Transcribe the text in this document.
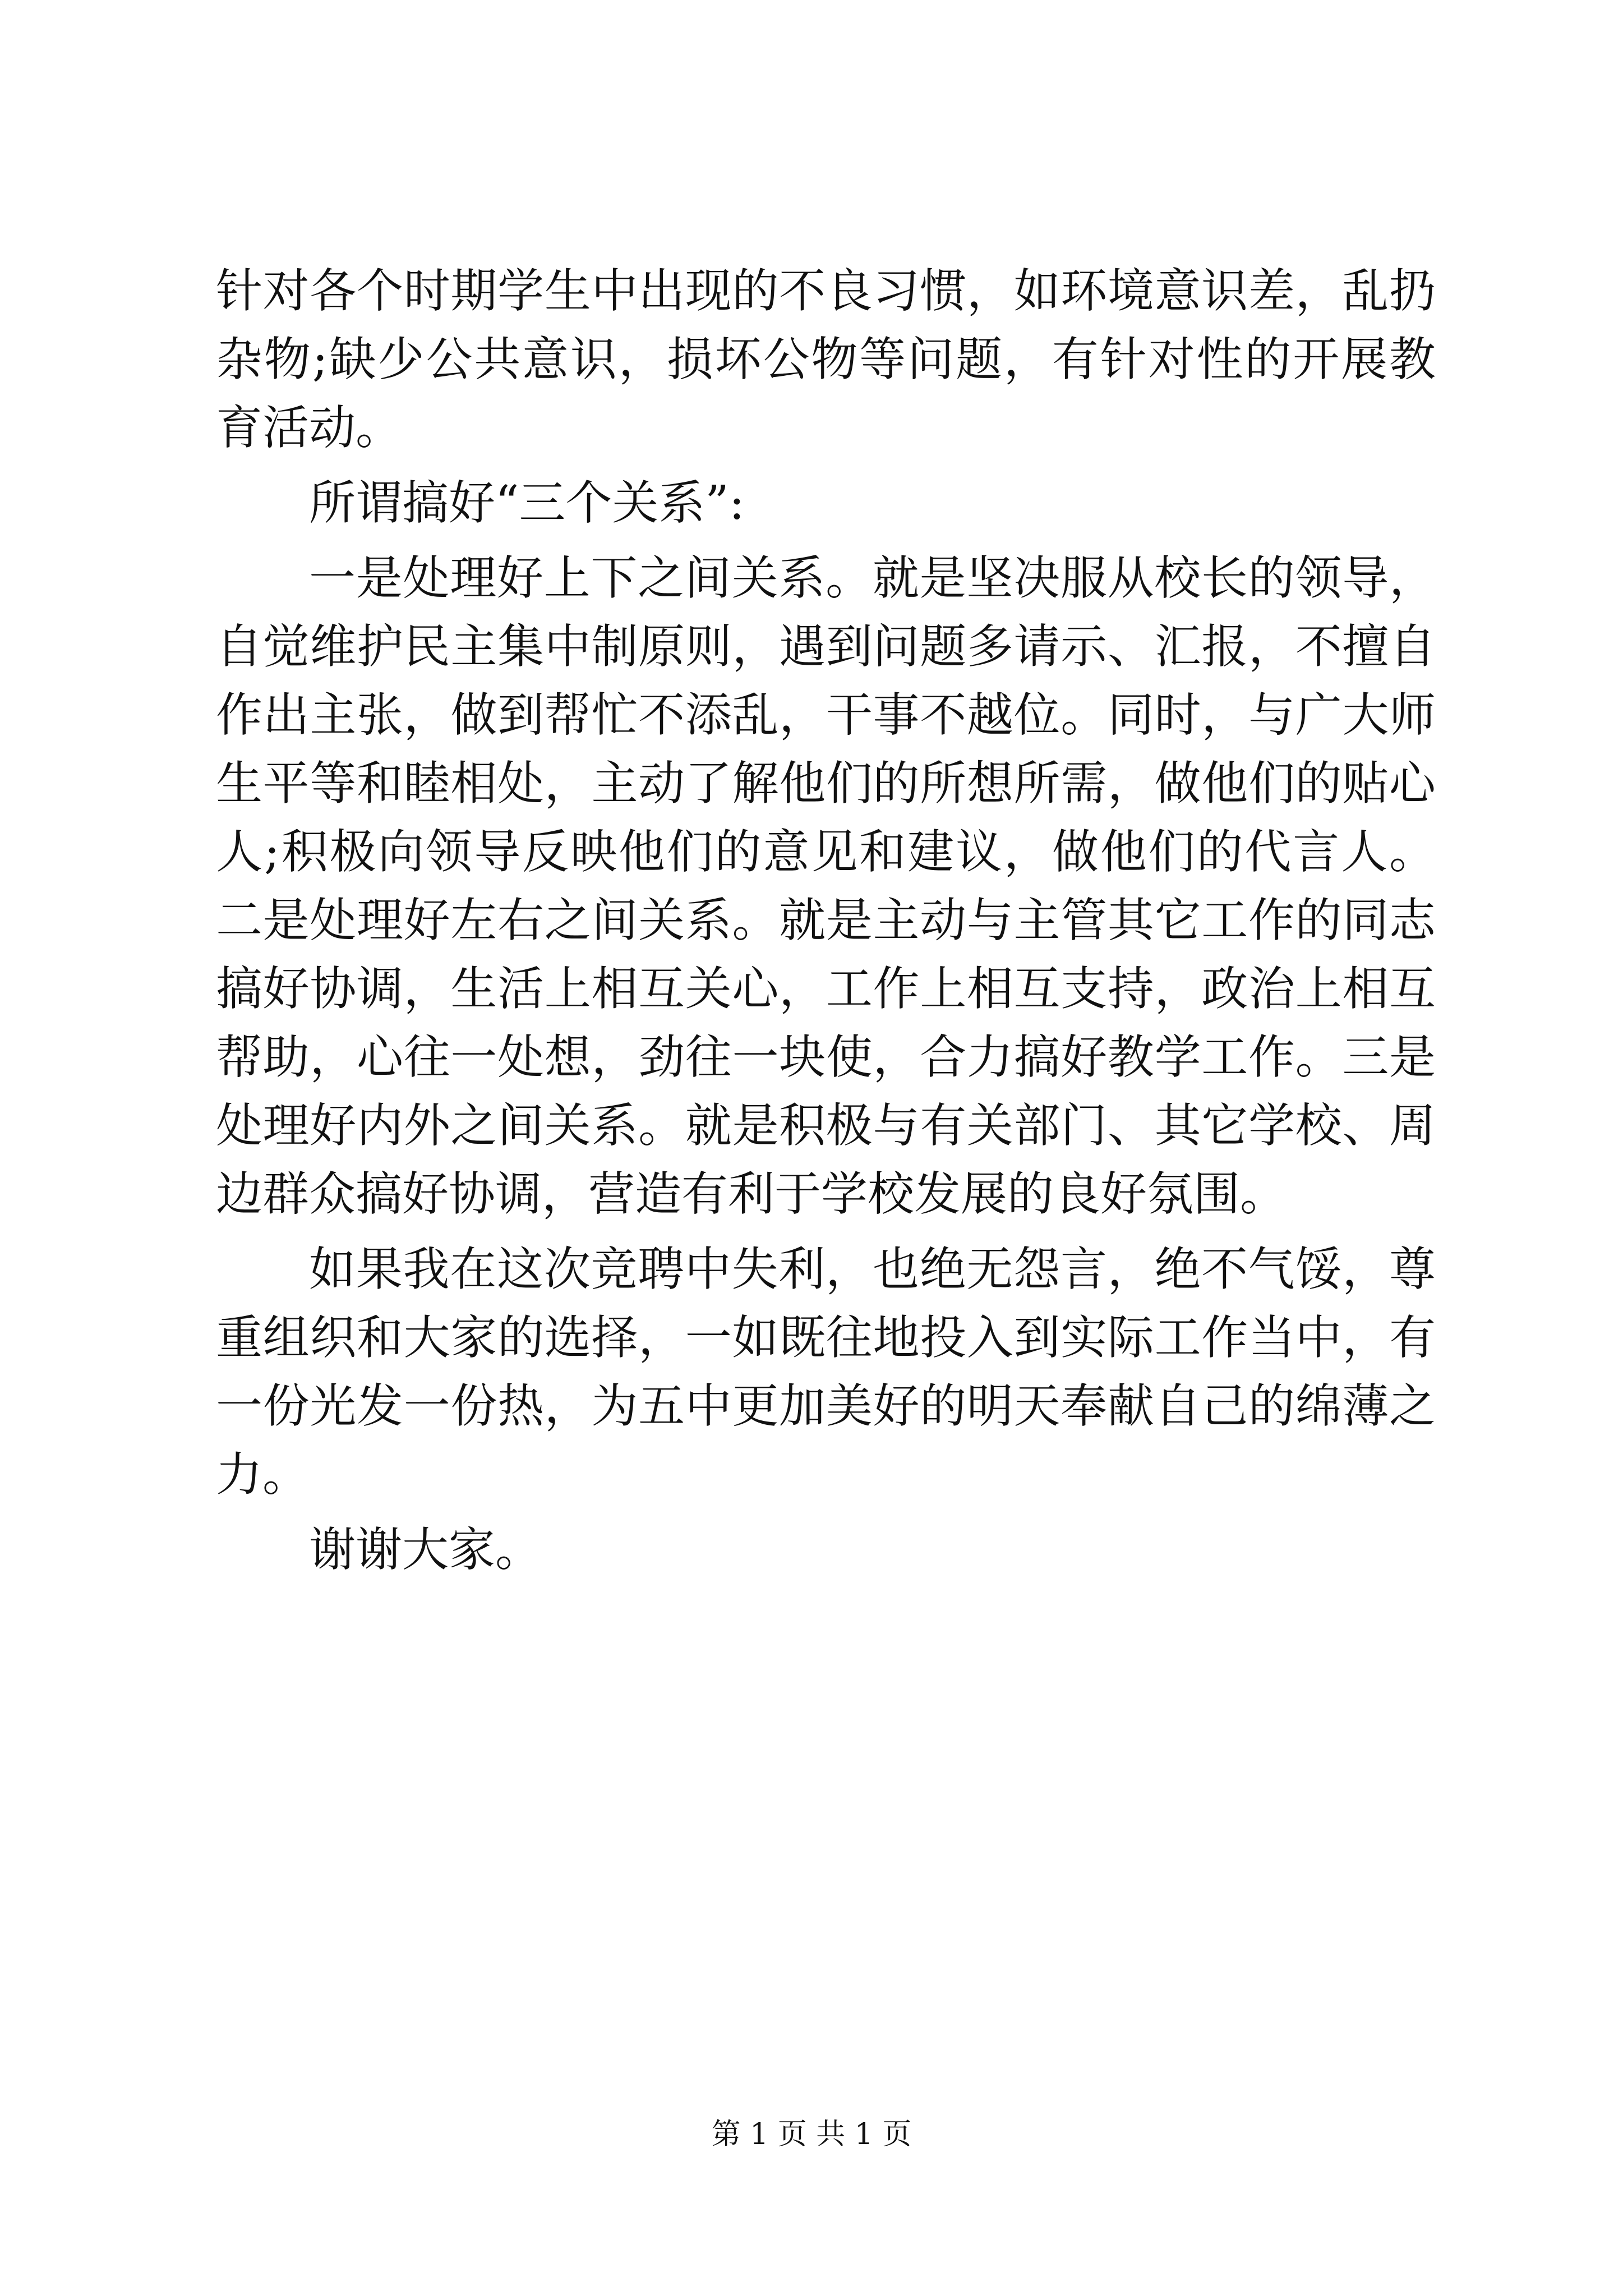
针对各个时期学生中出现的不良习惯，如环境意识差，乱扔杂物;缺少公共意识，损坏公物等问题，有针对性的开展教育活动。

所谓搞好“三个关系”:

一是处理好上下之间关系。就是坚决服从校长的领导，自觉维护民主集中制原则，遇到问题多请示、汇报，不擅自作出主张，做到帮忙不添乱，干事不越位。同时，与广大师生平等和睦相处，主动了解他们的所想所需，做他们的贴心人;积极向领导反映他们的意见和建议，做他们的代言人。二是处理好左右之间关系。就是主动与主管其它工作的同志搞好协调，生活上相互关心，工作上相互支持，政治上相互帮助，心往一处想，劲往一块使，合力搞好教学工作。三是处理好内外之间关系。就是积极与有关部门、其它学校、周边群众搞好协调，营造有利于学校发展的良好氛围。

如果我在这次竞聘中失利，也绝无怨言，绝不气馁，尊重组织和大家的选择，一如既往地投入到实际工作当中，有一份光发一份热，为五中更加美好的明天奉献自己的绵薄之力。

谢谢大家。

第 1 页 共 1 页
